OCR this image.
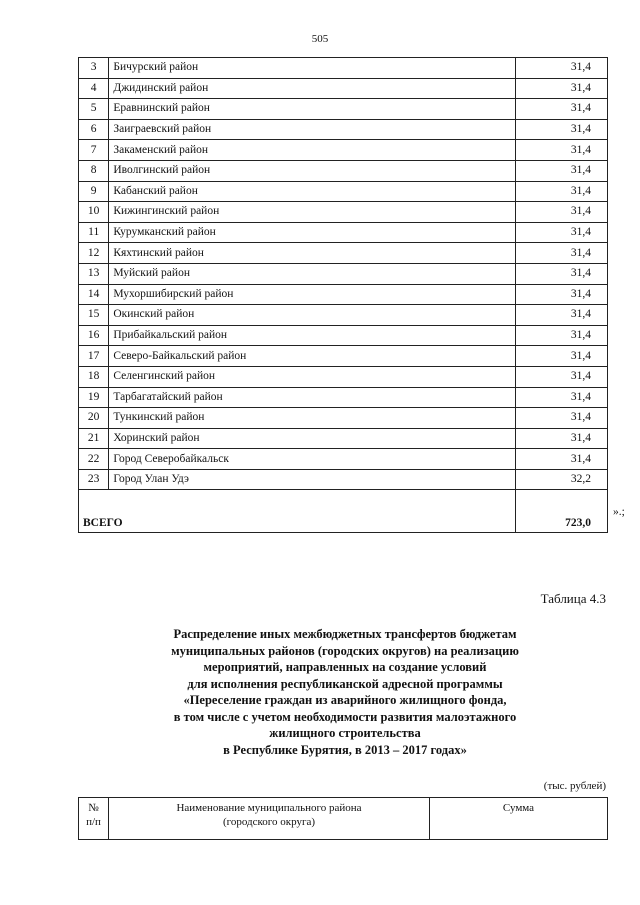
505
3	Бичурский район	31,4
4	Джидинский район	31,4
5	Еравнинский район	31,4
6	Заиграевский район	31,4
7	Закаменский район	31,4
8	Иволгинский район	31,4
9	Кабанский район	31,4
10	Кижингинский район	31,4
11	Курумканский район	31,4
12	Кяхтинский район	31,4
13	Муйский район	31,4
14	Мухоршибирский район	31,4
15	Окинский район	31,4
16	Прибайкальский район	31,4
17	Северо-Байкальский район	31,4
18	Селенгинский район	31,4
19	Тарбагатайский район	31,4
20	Тункинский район	31,4
21	Хоринский район	31,4
22	Город Северобайкальск	31,4
23	Город Улан Удэ	32,2
ВСЕГО		723,0
».;
Таблица 4.3
Распределение иных межбюджетных трансфертов бюджетам
муниципальных районов (городских округов) на реализацию
мероприятий, направленных на создание условий
для исполнения республиканской адресной программы
«Переселение граждан из аварийного жилищного фонда,
в том числе с учетом необходимости развития малоэтажного
жилищного строительства
в Республике Бурятия, в 2013 – 2017 годах»
(тыс. рублей)
№
п/п	Наименование муниципального района
(городского округа)	Сумма
